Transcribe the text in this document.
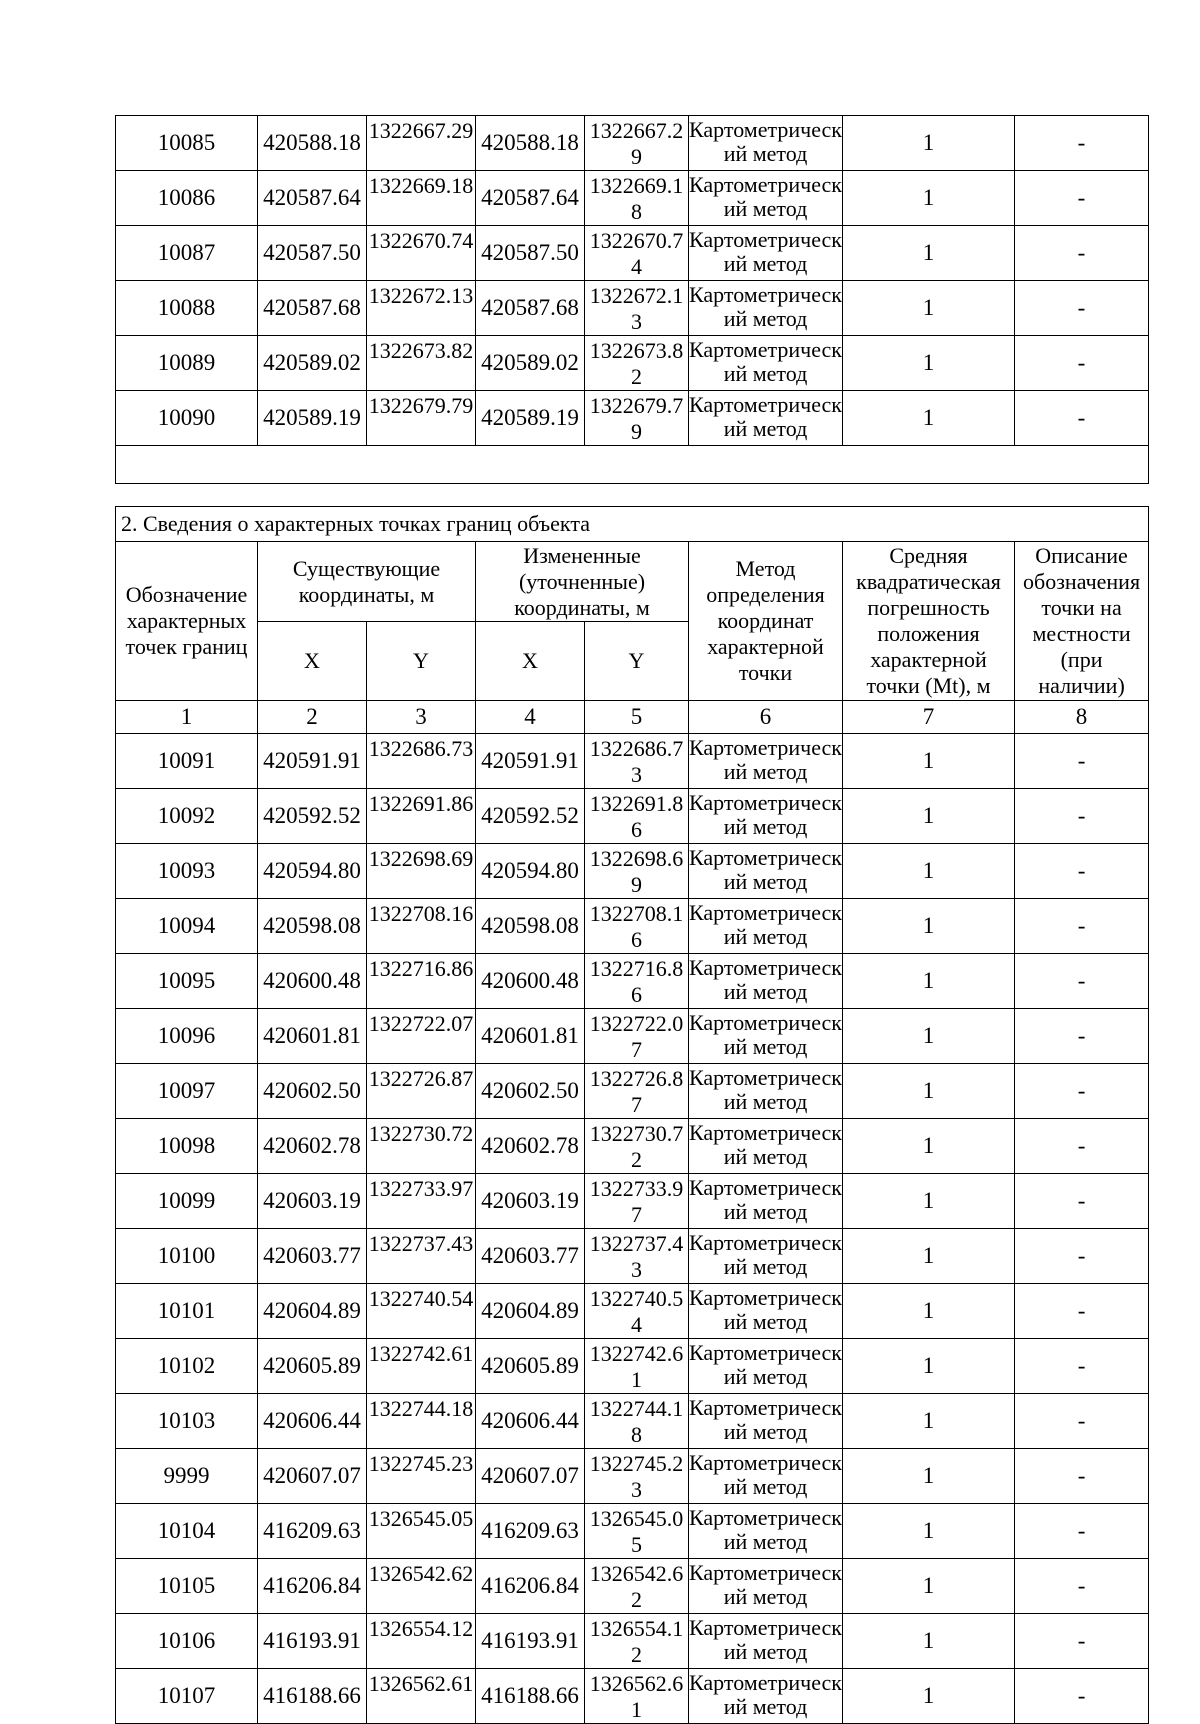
10085	420588.18	1322667.29	420588.18	1322667.29	Картометрический метод	1	-
10086	420587.64	1322669.18	420587.64	1322669.18	Картометрический метод	1	-
10087	420587.50	1322670.74	420587.50	1322670.74	Картометрический метод	1	-
10088	420587.68	1322672.13	420587.68	1322672.13	Картометрический метод	1	-
10089	420589.02	1322673.82	420589.02	1322673.82	Картометрический метод	1	-
10090	420589.19	1322679.79	420589.19	1322679.79	Картометрический метод	1	-

2. Сведения о характерных точках границ объекта							
Обозначение характерных точек границ	Существующие координаты, м		Измененные (уточненные) координаты, м		Метод определения координат характерной точки	Средняя квадратическая погрешность положения характерной точки (Mt), м	Описание обозначения точки на местности (при наличии)
	X	Y	X	Y			
1	2	3	4	5	6	7	8
10091	420591.91	1322686.73	420591.91	1322686.73	Картометрический метод	1	-
10092	420592.52	1322691.86	420592.52	1322691.86	Картометрический метод	1	-
10093	420594.80	1322698.69	420594.80	1322698.69	Картометрический метод	1	-
10094	420598.08	1322708.16	420598.08	1322708.16	Картометрический метод	1	-
10095	420600.48	1322716.86	420600.48	1322716.86	Картометрический метод	1	-
10096	420601.81	1322722.07	420601.81	1322722.07	Картометрический метод	1	-
10097	420602.50	1322726.87	420602.50	1322726.87	Картометрический метод	1	-
10098	420602.78	1322730.72	420602.78	1322730.72	Картометрический метод	1	-
10099	420603.19	1322733.97	420603.19	1322733.97	Картометрический метод	1	-
10100	420603.77	1322737.43	420603.77	1322737.43	Картометрический метод	1	-
10101	420604.89	1322740.54	420604.89	1322740.54	Картометрический метод	1	-
10102	420605.89	1322742.61	420605.89	1322742.61	Картометрический метод	1	-
10103	420606.44	1322744.18	420606.44	1322744.18	Картометрический метод	1	-
9999	420607.07	1322745.23	420607.07	1322745.23	Картометрический метод	1	-
10104	416209.63	1326545.05	416209.63	1326545.05	Картометрический метод	1	-
10105	416206.84	1326542.62	416206.84	1326542.62	Картометрический метод	1	-
10106	416193.91	1326554.12	416193.91	1326554.12	Картометрический метод	1	-
10107	416188.66	1326562.61	416188.66	1326562.61	Картометрический метод	1	-
